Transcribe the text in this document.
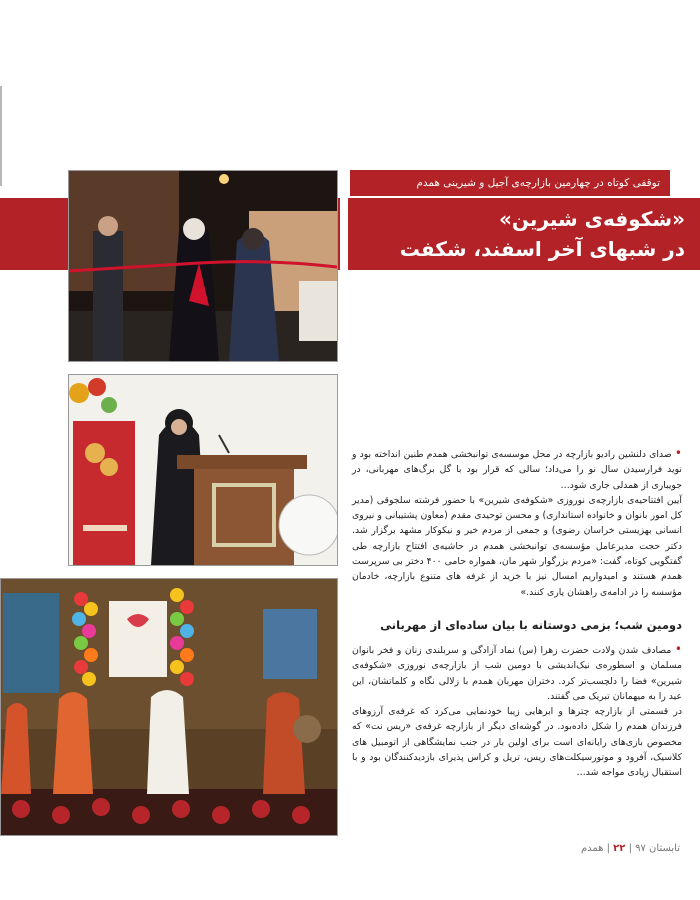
توقفی کوتاه در چهارمین بازارچه‌ی آجیل و شیرینی همدم
«شکوفه‌ی شیرین»
در شبهای آخر اسفند، شکفت

• صدای دلنشین رادیو بازارچه در محل موسسه‌ی توانبخشی همدم طنین انداخته بود و نوید فرارسیدن سال نو را می‌داد؛ سالی که قرار بود با گل برگ‌های مهربانی، در جویباری از همدلی جاری شود…

آیین افتتاحیه‌ی بازارچه‌ی نوروزی «شکوفه‌ی شیرین» با حضور فرشته سلجوقی (مدیر کل امور بانوان و خانواده استانداری) و محسن توحیدی مقدم (معاون پشتیبانی و نیروی انسانی بهزیستی خراسان رضوی) و جمعی از مردم خیر و نیکوکار مشهد برگزار شد. دکتر حجت مدیرعامل مؤسسه‌ی توانبخشی همدم در حاشیه‌ی افتتاح بازارچه طی گفتگویی کوتاه، گفت: «مردم بزرگوار شهر مان، همواره حامی ۴۰۰ دختر بی سرپرست همدم هستند و امیدواریم امسال نیز با خرید از غرفه های متنوع بازارچه، خادمان مؤسسه را در ادامه‌ی راهشان یاری کنند.»

دومین شب؛ بزمی دوستانه با بیان ساده‌ای از مهربانی

• مصادف شدن ولادت حضرت زهرا (س) نماد آزادگی و سربلندی زنان و فخر بانوان مسلمان و اسطوره‌ی نیک‌اندیشی با دومین شب از بازارچه‌ی نوروزی «شکوفه‌ی شیرین» فضا را دلچسب‌تر کرد. دختران مهربان همدم با زلالی نگاه و کلماتشان، این عید را به میهمانان تبریک می گفتند.

در قسمتی از بازارچه چترها و ابرهایی زیبا خودنمایی می‌کرد که غرفه‌ی آرزوهای فرزندان همدم را شکل داده‌بود. در گوشه‌ای دیگر از بازارچه غرفه‌ی «ریس نت» که مخصوص بازی‌های رایانه‌ای است برای اولین بار در جنب نمایشگاهی از اتومبیل های کلاسیک، آفرود و موتورسیکلت‌های ریس، تریل و کراس پذیرای بازدیدکنندگان بود و با استقبال زیادی مواجه شد…

تابستان ۹۷ | ۲۲ | همدم
